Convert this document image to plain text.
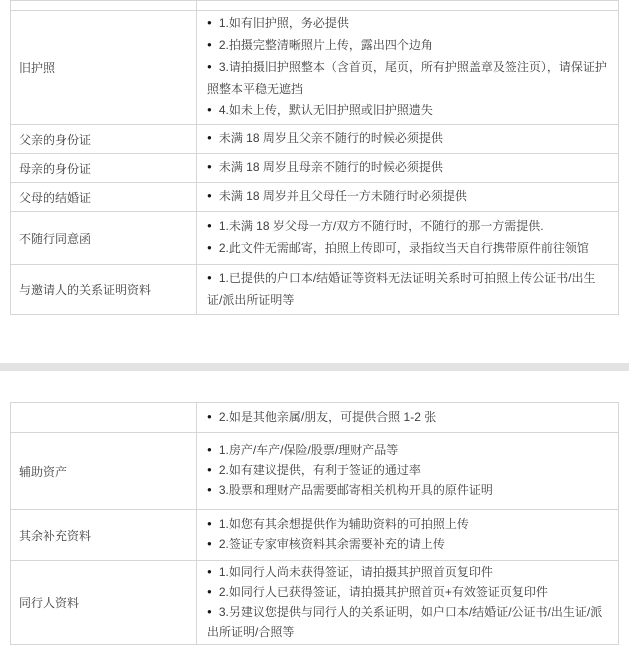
旧护照	● 1.如有旧护照，务必提供
● 2.拍摄完整清晰照片上传，露出四个边角
● 3.请拍摄旧护照整本（含首页，尾页，所有护照盖章及签注页），请保证护照整本平稳无遮挡
● 4.如未上传，默认无旧护照或旧护照遗失

父亲的身份证	● 未满 18 周岁且父亲不随行的时候必须提供

母亲的身份证	● 未满 18 周岁且母亲不随行的时候必须提供

父母的结婚证	● 未满 18 周岁并且父母任一方未随行时必须提供

不随行同意函	● 1.未满 18 岁父母一方/双方不随行时，不随行的那一方需提供.
● 2.此文件无需邮寄，拍照上传即可，录指纹当天自行携带原件前往领馆

与邀请人的关系证明资料	● 1.已提供的户口本/结婚证等资料无法证明关系时可拍照上传公证书/出生证/派出所证明等

	● 2.如是其他亲属/朋友，可提供合照 1-2 张

辅助资产	● 1.房产/车产/保险/股票/理财产品等
● 2.如有建议提供，有利于签证的通过率
● 3.股票和理财产品需要邮寄相关机构开具的原件证明

其余补充资料	● 1.如您有其余想提供作为辅助资料的可拍照上传
● 2.签证专家审核资料其余需要补充的请上传

同行人资料	● 1.如同行人尚未获得签证，请拍摄其护照首页复印件
● 2.如同行人已获得签证，请拍摄其护照首页+有效签证页复印件
● 3.另建议您提供与同行人的关系证明，如户口本/结婚证/公证书/出生证/派出所证明/合照等
